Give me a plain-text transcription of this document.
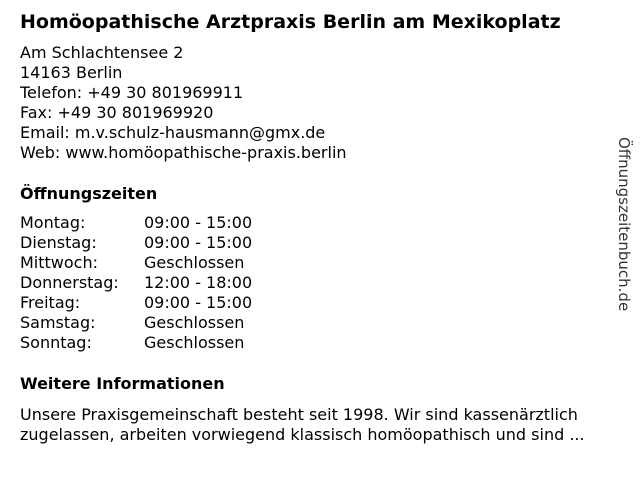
Homöopathische Arztpraxis Berlin am Mexikoplatz
Am Schlachtensee 2
14163 Berlin
Telefon: +49 30 801969911
Fax: +49 30 801969920
Email: m.v.schulz-hausmann@gmx.de
Web: www.homöopathische-praxis.berlin
Öffnungszeiten
Montag:	09:00 - 15:00
Dienstag:	09:00 - 15:00
Mittwoch:	Geschlossen
Donnerstag: 12:00 - 18:00
Freitag:	09:00 - 15:00
Samstag:	Geschlossen
Sonntag:	Geschlossen
Weitere Informationen
Unsere Praxisgemeinschaft besteht seit 1998. Wir sind kassenärztlich
zugelassen, arbeiten vorwiegend klassisch homöopathisch und sind ...
Öffnungszeitenbuch.de
